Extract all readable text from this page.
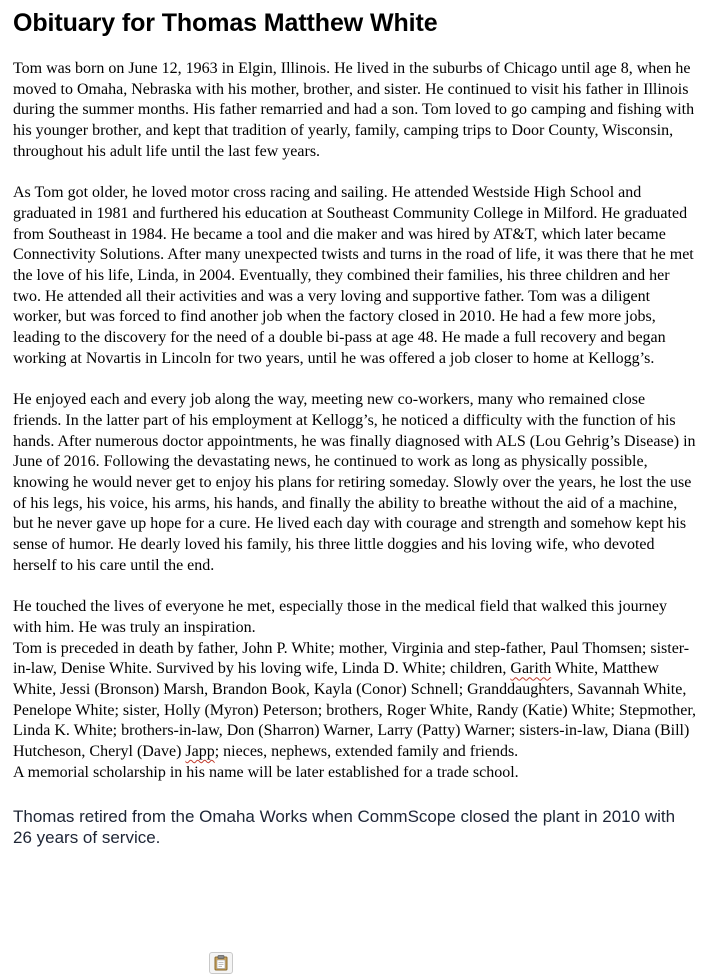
Obituary for Thomas Matthew White

Tom was born on June 12, 1963 in Elgin, Illinois. He lived in the suburbs of Chicago until age 8, when he moved to Omaha, Nebraska with his mother, brother, and sister. He continued to visit his father in Illinois during the summer months. His father remarried and had a son. Tom loved to go camping and fishing with his younger brother, and kept that tradition of yearly, family, camping trips to Door County, Wisconsin, throughout his adult life until the last few years.

As Tom got older, he loved motor cross racing and sailing. He attended Westside High School and graduated in 1981 and furthered his education at Southeast Community College in Milford. He graduated from Southeast in 1984. He became a tool and die maker and was hired by AT&T, which later became Connectivity Solutions. After many unexpected twists and turns in the road of life, it was there that he met the love of his life, Linda, in 2004. Eventually, they combined their families, his three children and her two. He attended all their activities and was a very loving and supportive father. Tom was a diligent worker, but was forced to find another job when the factory closed in 2010. He had a few more jobs, leading to the discovery for the need of a double bi-pass at age 48. He made a full recovery and began working at Novartis in Lincoln for two years, until he was offered a job closer to home at Kellogg’s.

He enjoyed each and every job along the way, meeting new co-workers, many who remained close friends. In the latter part of his employment at Kellogg’s, he noticed a difficulty with the function of his hands. After numerous doctor appointments, he was finally diagnosed with ALS (Lou Gehrig’s Disease) in June of 2016. Following the devastating news, he continued to work as long as physically possible, knowing he would never get to enjoy his plans for retiring someday. Slowly over the years, he lost the use of his legs, his voice, his arms, his hands, and finally the ability to breathe without the aid of a machine, but he never gave up hope for a cure. He lived each day with courage and strength and somehow kept his sense of humor. He dearly loved his family, his three little doggies and his loving wife, who devoted herself to his care until the end.

He touched the lives of everyone he met, especially those in the medical field that walked this journey with him. He was truly an inspiration.

Tom is preceded in death by father, John P. White; mother, Virginia and step-father, Paul Thomsen; sister-in-law, Denise White. Survived by his loving wife, Linda D. White; children, Garith White, Matthew White, Jessi (Bronson) Marsh, Brandon Book, Kayla (Conor) Schnell; Granddaughters, Savannah White, Penelope White; sister, Holly (Myron) Peterson; brothers, Roger White, Randy (Katie) White; Stepmother, Linda K. White; brothers-in-law, Don (Sharron) Warner, Larry (Patty) Warner; sisters-in-law, Diana (Bill) Hutcheson, Cheryl (Dave) Japp; nieces, nephews, extended family and friends.

A memorial scholarship in his name will be later established for a trade school.

Thomas retired from the Omaha Works when CommScope closed the plant in 2010 with 26 years of service.
